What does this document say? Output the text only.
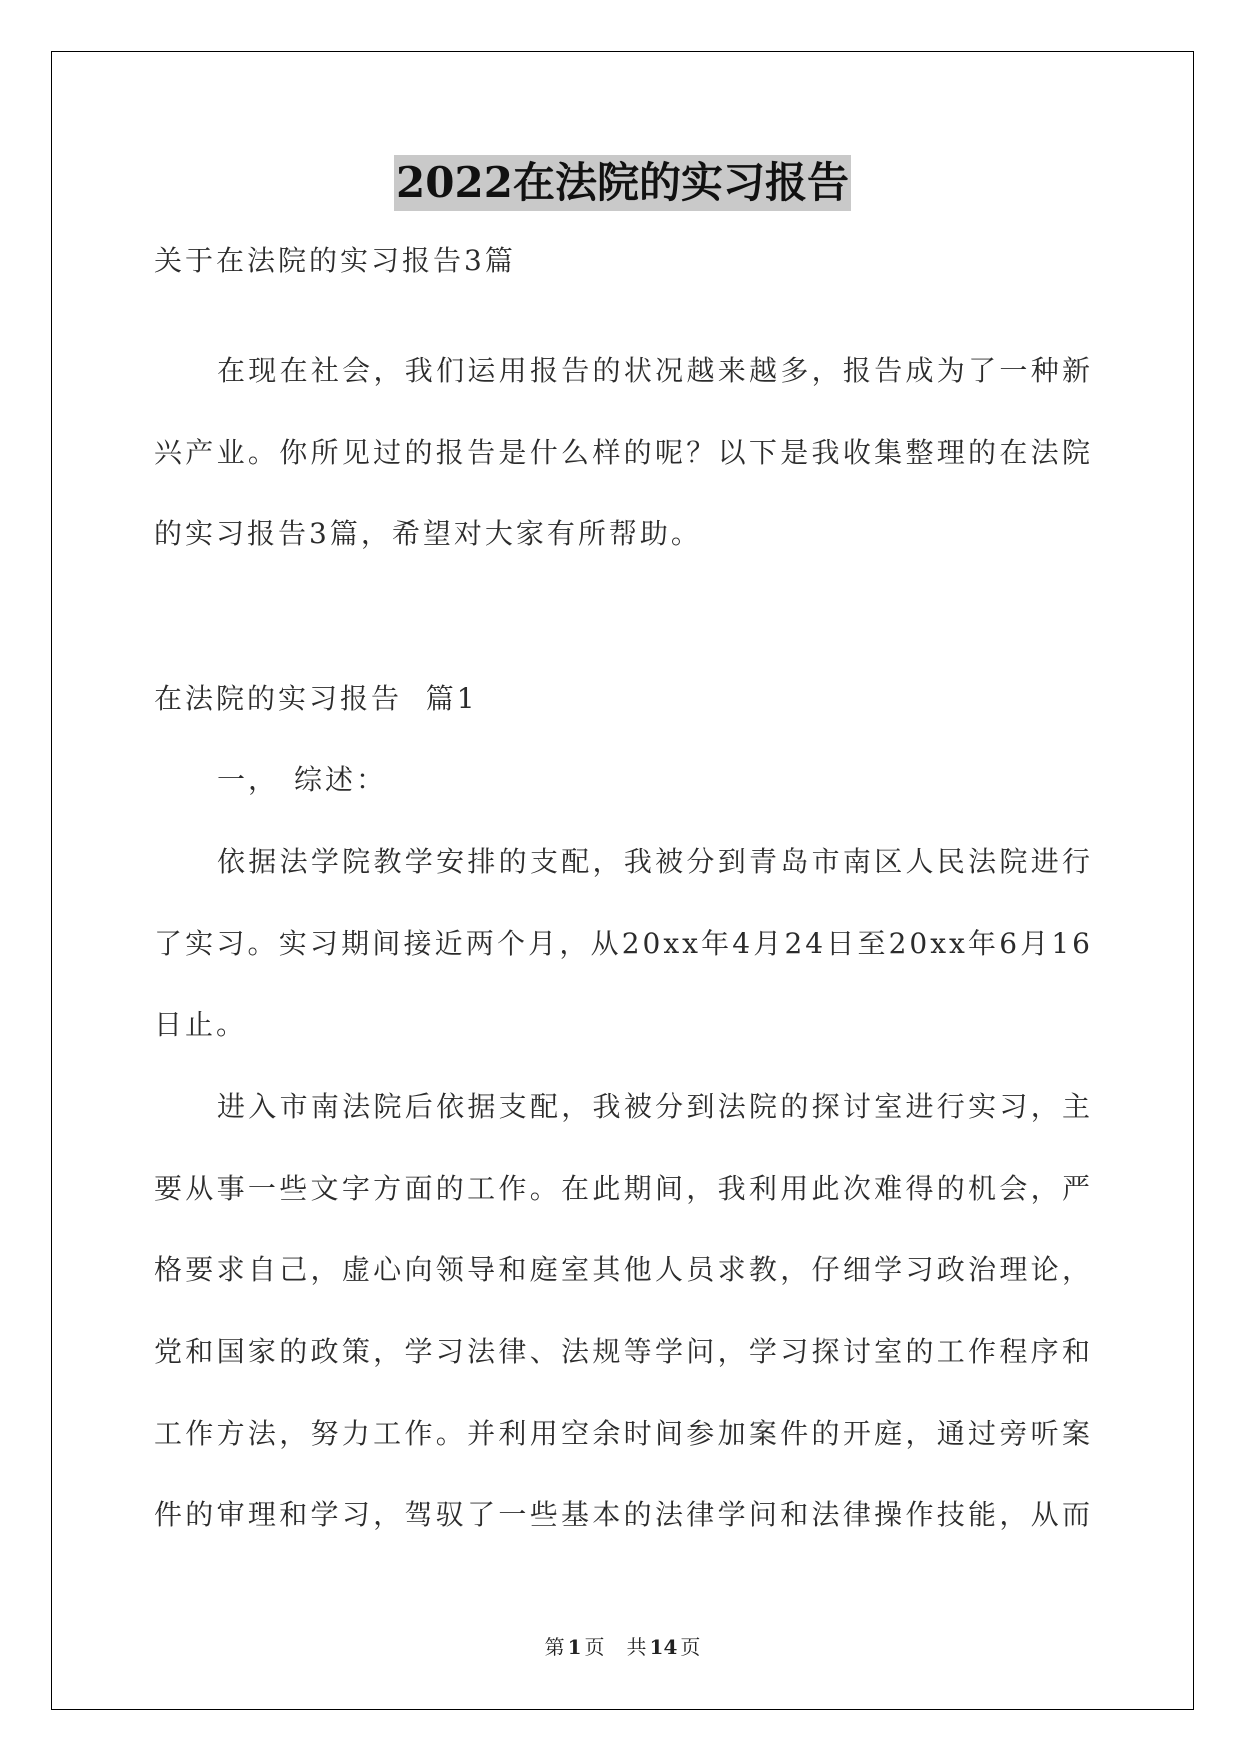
2022在法院的实习报告
关于在法院的实习报告3篇
在现在社会，我们运用报告的状况越来越多，报告成为了一种新
兴产业。你所见过的报告是什么样的呢？以下是我收集整理的在法院
的实习报告3篇，希望对大家有所帮助。
在法院的实习报告  篇1
一， 综述：
依据法学院教学安排的支配，我被分到青岛市南区人民法院进行
了实习。实习期间接近两个月，从20xx年4月24日至20xx年6月16
日止。
进入市南法院后依据支配，我被分到法院的探讨室进行实习，主
要从事一些文字方面的工作。在此期间，我利用此次难得的机会，严
格要求自己，虚心向领导和庭室其他人员求教，仔细学习政治理论，
党和国家的政策，学习法律、法规等学问，学习探讨室的工作程序和
工作方法，努力工作。并利用空余时间参加案件的开庭，通过旁听案
件的审理和学习，驾驭了一些基本的法律学问和法律操作技能，从而
第 1 页 共 14 页
